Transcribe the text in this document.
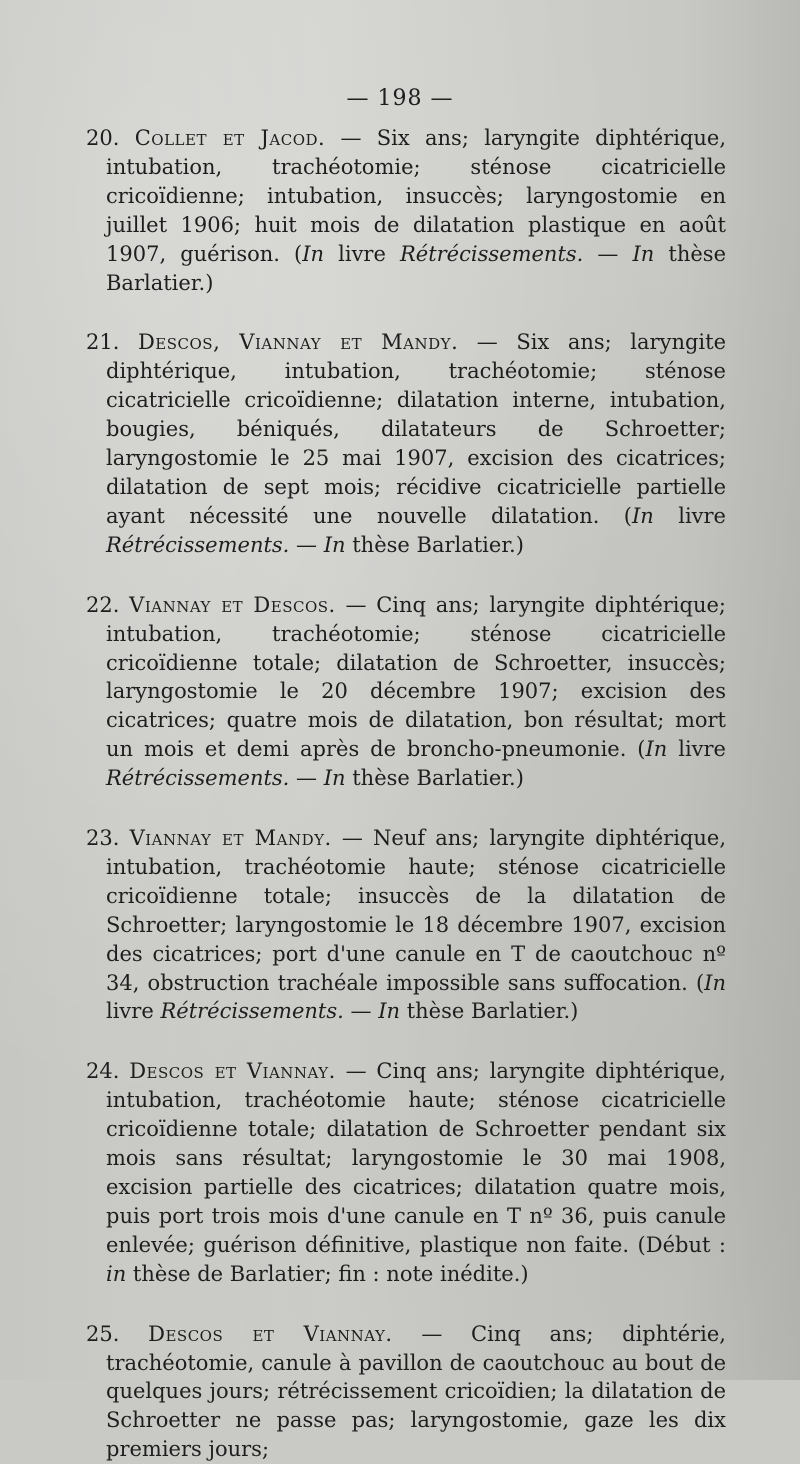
— 198 —

20. Collet et Jacod. — Six ans; laryngite diphtérique, intubation, trachéotomie; sténose cicatricielle cricoïdienne; intubation, insuccès; laryngostomie en juillet 1906; huit mois de dilatation plastique en août 1907, guérison. (In livre Rétrécissements. — In thèse Barlatier.)

21. Descos, Viannay et Mandy. — Six ans; laryngite diphtérique, intubation, trachéotomie; sténose cicatricielle cricoïdienne; dilatation interne, intubation, bougies, béniqués, dilatateurs de Schroetter; laryngostomie le 25 mai 1907, excision des cicatrices; dilatation de sept mois; récidive cicatricielle partielle ayant nécessité une nouvelle dilatation. (In livre Rétrécissements. — In thèse Barlatier.)

22. Viannay et Descos. — Cinq ans; laryngite diphtérique; intubation, trachéotomie; sténose cicatricielle cricoïdienne totale; dilatation de Schroetter, insuccès; laryngostomie le 20 décembre 1907; excision des cicatrices; quatre mois de dilatation, bon résultat; mort un mois et demi après de broncho-pneumonie. (In livre Rétrécissements. — In thèse Barlatier.)

23. Viannay et Mandy. — Neuf ans; laryngite diphtérique, intubation, trachéotomie haute; sténose cicatricielle cricoïdienne totale; insuccès de la dilatation de Schroetter; laryngostomie le 18 décembre 1907, excision des cicatrices; port d'une canule en T de caoutchouc nº 34, obstruction trachéale impossible sans suffocation. (In livre Rétrécissements. — In thèse Barlatier.)

24. Descos et Viannay. — Cinq ans; laryngite diphtérique, intubation, trachéotomie haute; sténose cicatricielle cricoïdienne totale; dilatation de Schroetter pendant six mois sans résultat; laryngostomie le 30 mai 1908, excision partielle des cicatrices; dilatation quatre mois, puis port trois mois d'une canule en T nº 36, puis canule enlevée; guérison définitive, plastique non faite. (Début : in thèse de Barlatier; fin : note inédite.)

25. Descos et Viannay. — Cinq ans; diphtérie, trachéotomie, canule à pavillon de caoutchouc au bout de quelques jours; rétrécissement cricoïdien; la dilatation de Schroetter ne passe pas; laryngostomie, gaze les dix premiers jours;
